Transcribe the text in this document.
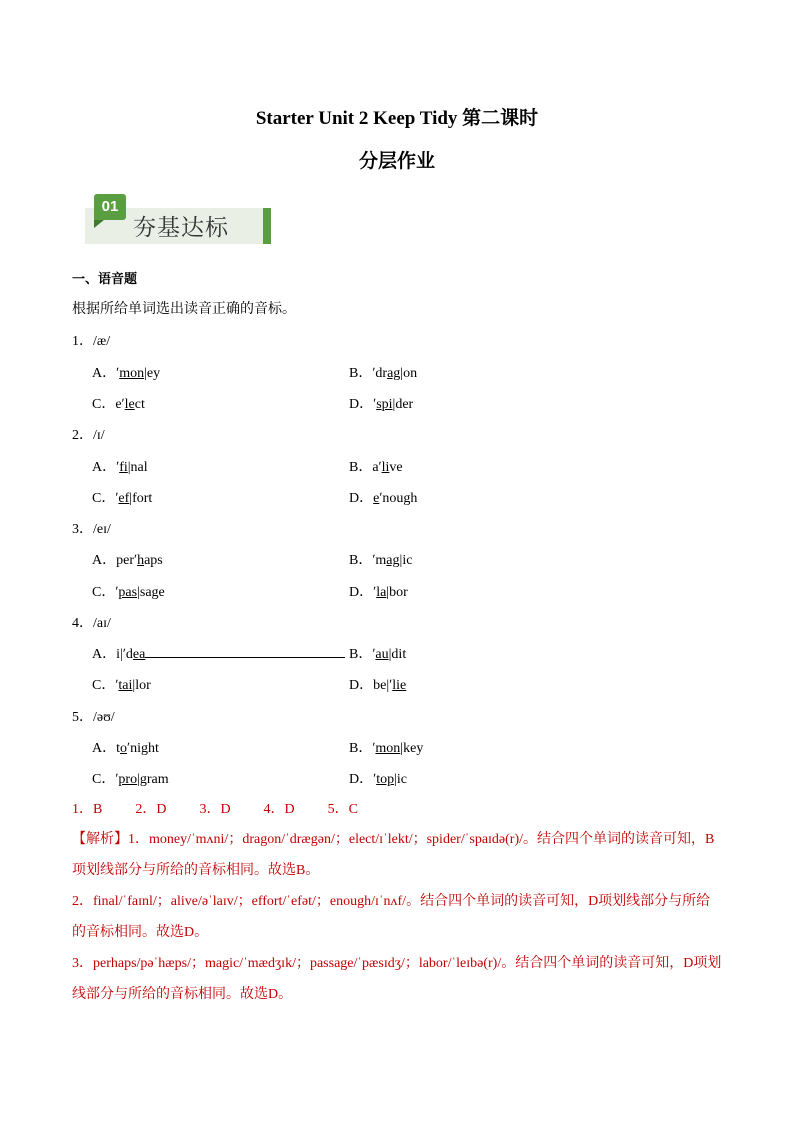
Starter Unit 2 Keep Tidy 第二课时
分层作业
01
夯基达标
一、语音题
根据所给单词选出读音正确的音标。
1．/æ/
A．ʹmon|ey	B．ʹdrag|on
C．eʹlect	D．ʹspi|der
2．/ɪ/
A．ʹfi|nal	B．aʹlive
C．ʹef|fort	D．eʹnough
3．/eɪ/
A．perʹhaps	B．ʹmag|ic
C．ʹpas|sage	D．ʹla|bor
4．/aɪ/
A．i|ʹdea	B．ʹau|dit
C．ʹtai|lor	D．be|ʹlie
5．/əʊ/
A．toʹnight	B．ʹmon|key
C．ʹpro|gram	D．ʹtop|ic
1．B      2．D      3．D      4．D      5．C
【解析】1．money/ˈmʌni/；dragon/ˈdrægən/；elect/ɪˈlekt/；spider/ˈspaɪdə(r)/。结合四个单词的读音可知，B项划线部分与所给的音标相同。故选B。
2．final/ˈfaɪnl/；alive/əˈlaɪv/；effort/ˈefət/；enough/ɪˈnʌf/。结合四个单词的读音可知，D项划线部分与所给的音标相同。故选D。
3．perhaps/pəˈhæps/；magic/ˈmædʒɪk/；passage/ˈpæsɪdʒ/；labor/ˈleɪbə(r)/。结合四个单词的读音可知，D项划线部分与所给的音标相同。故选D。
